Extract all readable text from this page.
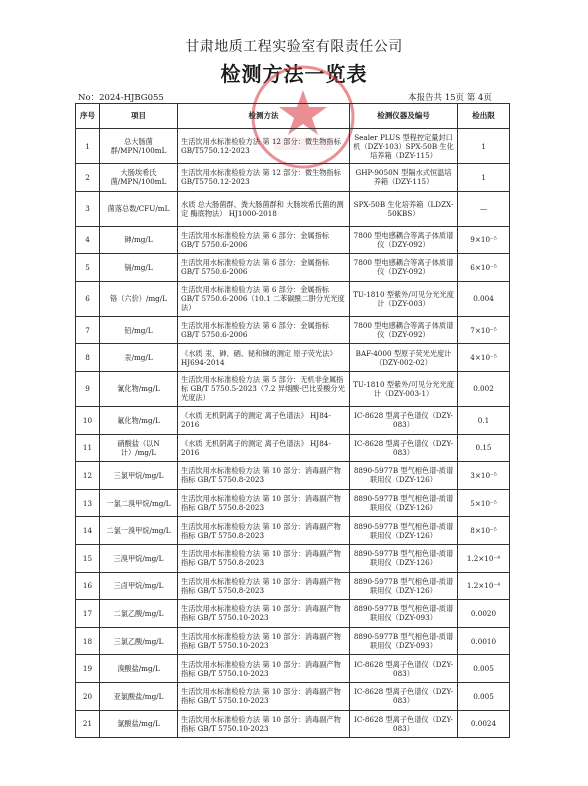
甘肃地质工程实验室有限责任公司
检测方法一览表
No：2024-HJBG055	本报告共 15页 第 4页
序号	项目	检测方法	检测仪器及编号	检出限
1	总大肠菌群/MPN/100mL	生活饮用水标准检验方法 第 12 部分：微生物指标 GB/T5750.12-2023	Sealer PLUS 型程控定量封口机（DZY-103）SPX-50B 生化培养箱（DZY-115）	1
2	大肠埃希氏菌/MPN/100mL	生活饮用水标准检验方法 第 12 部分：微生物指标 GB/T5750.12-2023	GHP-9050N 型隔水式恒温培养箱（DZY-115）	1
3	菌落总数/CFU/mL	水质 总大肠菌群、粪大肠菌群和 大肠埃希氏菌的测定 酶底物法） HJ1000-2018	SPX-50B 生化培养箱（LDZX-50KBS）	—
4	砷/mg/L	生活饮用水标准检验方法 第 6 部分：金属指标 GB/T 5750.6-2006	7800 型电感耦合等离子体质谱仪（DZY-092）	9×10⁻⁵
5	镉/mg/L	生活饮用水标准检验方法 第 6 部分：金属指标 GB/T 5750.6-2006	7800 型电感耦合等离子体质谱仪（DZY-092）	6×10⁻⁵
6	铬（六价）/mg/L	生活饮用水标准检验方法 第 6 部分：金属指标 GB/T 5750.6-2006（10.1 二苯碳酰二肼分光光度法）	TU-1810 型紫外/可见分光光度计（DZY-003）	0.004
7	铅/mg/L	生活饮用水标准检验方法 第 6 部分：金属指标 GB/T 5750.6-2006	7800 型电感耦合等离子体质谱仪（DZY-092）	7×10⁻⁵
8	汞/mg/L	《水质 汞、砷、硒、铋和锑的测定 原子荧光法》 HJ694-2014	BAF-4000 型原子荧光光度计（DZY-002-02）	4×10⁻⁵
9	氰化物/mg/L	生活饮用水标准检验方法 第 5 部分：无机非金属指标 GB/T 5750.5-2023（7.2 异烟酸-巴比妥酸分光光度法）	TU-1810 型紫外/可见分光光度计（DZY-003-1）	0.002
10	氟化物/mg/L	《水质 无机阴离子的测定 离子色谱法》 HJ84-2016	IC-8628 型离子色谱仪（DZY-083）	0.1
11	硝酸盐（以N计）/mg/L	《水质 无机阴离子的测定 离子色谱法》 HJ84-2016	IC-8628 型离子色谱仪（DZY-083）	0.15
12	三氯甲烷/mg/L	生活饮用水标准检验方法 第 10 部分：消毒副产物指标 GB/T 5750.8-2023	8890-5977B 型气相色谱-质谱联用仪（DZY-126）	3×10⁻⁵
13	一氯二溴甲烷/mg/L	生活饮用水标准检验方法 第 10 部分：消毒副产物指标 GB/T 5750.8-2023	8890-5977B 型气相色谱-质谱联用仪（DZY-126）	5×10⁻⁵
14	二氯一溴甲烷/mg/L	生活饮用水标准检验方法 第 10 部分：消毒副产物指标 GB/T 5750.8-2023	8890-5977B 型气相色谱-质谱联用仪（DZY-126）	8×10⁻⁵
15	三溴甲烷/mg/L	生活饮用水标准检验方法 第 10 部分：消毒副产物指标 GB/T 5750.8-2023	8890-5977B 型气相色谱-质谱联用仪（DZY-126）	1.2×10⁻⁴
16	三卤甲烷/mg/L	生活饮用水标准检验方法 第 10 部分：消毒副产物指标 GB/T 5750.8-2023	8890-5977B 型气相色谱-质谱联用仪（DZY-126）	1.2×10⁻⁴
17	二氯乙酸/mg/L	生活饮用水标准检验方法 第 10 部分：消毒副产物指标 GB/T 5750.10-2023	8890-5977B 型气相色谱-质谱联用仪（DZY-093）	0.0020
18	三氯乙酸/mg/L	生活饮用水标准检验方法 第 10 部分：消毒副产物指标 GB/T 5750.10-2023	8890-5977B 型气相色谱-质谱联用仪（DZY-093）	0.0010
19	溴酸盐/mg/L	生活饮用水标准检验方法 第 10 部分：消毒副产物指标 GB/T 5750.10-2023	IC-8628 型离子色谱仪（DZY-083）	0.005
20	亚氯酸盐/mg/L	生活饮用水标准检验方法 第 10 部分：消毒副产物指标 GB/T 5750.10-2023	IC-8628 型离子色谱仪（DZY-083）	0.005
21	氯酸盐/mg/L	生活饮用水标准检验方法 第 10 部分：消毒副产物指标 GB/T 5750.10-2023	IC-8628 型离子色谱仪（DZY-083）	0.0024
